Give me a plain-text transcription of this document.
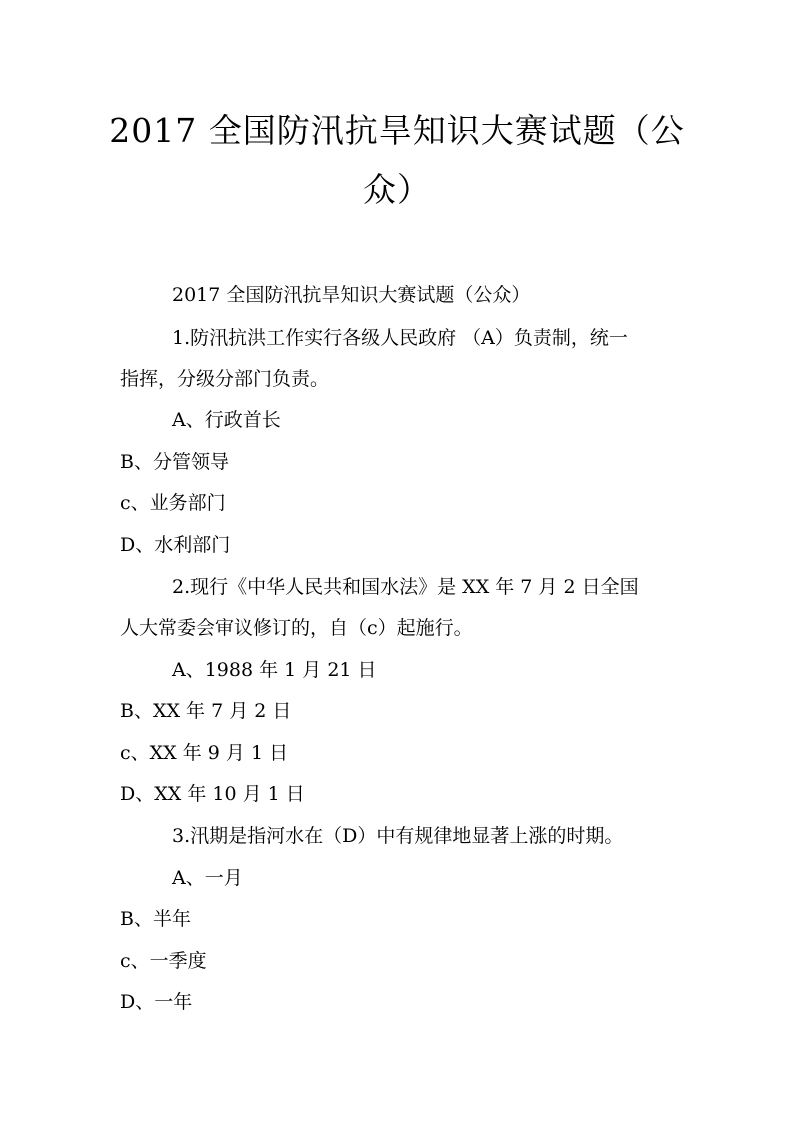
2017 全国防汛抗旱知识大赛试题（公
众）
2017 全国防汛抗旱知识大赛试题（公众）
1.防汛抗洪工作实行各级人民政府 （A）负责制，统一
指挥，分级分部门负责。
A、行政首长
B、分管领导
c、业务部门
D、水利部门
2.现行《中华人民共和国水法》是 XX 年 7 月 2 日全国
人大常委会审议修订的，自（c）起施行。
A、1988 年 1 月 21 日
B、XX 年 7 月 2 日
c、XX 年 9 月 1 日
D、XX 年 10 月 1 日
3.汛期是指河水在（D）中有规律地显著上涨的时期。
A、一月
B、半年
c、一季度
D、一年
